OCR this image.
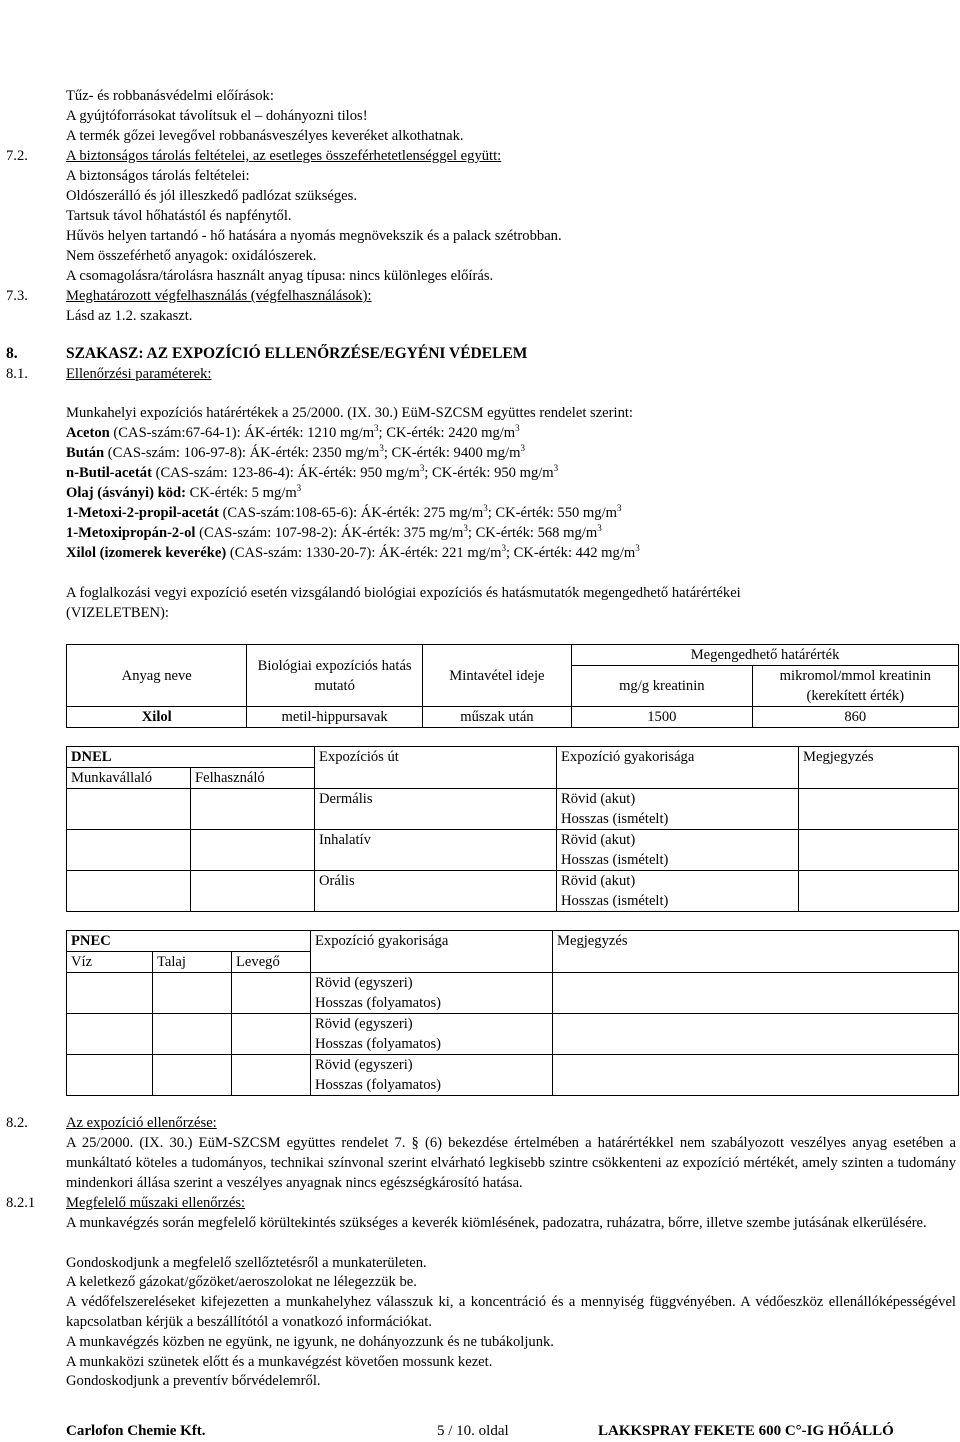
Elkészítés időpontja: 2013. június 5.
Felülvizsgálat időpontja: -
Verziószám: 1
http://www.biztonsagiadatlap.hu
Tűz- és robbanásvédelmi előírások:
A gyújtóforrásokat távolítsuk el – dohányozni tilos!
A termék gőzei levegővel robbanásveszélyes keveréket alkothatnak.
7.2.	A biztonságos tárolás feltételei, az esetleges összeférhetetlenséggel együtt:
A biztonságos tárolás feltételei:
Oldószerálló és jól illeszkedő padlózat szükséges.
Tartsuk távol hőhatástól és napfénytől.
Hűvös helyen tartandó - hő hatására a nyomás megnövekszik és a palack szétrobban.
Nem összeférhető anyagok: oxidálószerek.
A csomagolásra/tárolásra használt anyag típusa: nincs különleges előírás.
7.3.	Meghatározott végfelhasználás (végfelhasználások):
Lásd az 1.2. szakaszt.
8.	SZAKASZ: AZ EXPOZÍCIÓ ELLENŐRZÉSE/EGYÉNI VÉDELEM
8.1.	Ellenőrzési paraméterek:
Munkahelyi expozíciós határértékek a 25/2000. (IX. 30.) EüM-SZCSM együttes rendelet szerint:
Aceton (CAS-szám:67-64-1): ÁK-érték: 1210 $mg/m^3$; CK-érték: 2420 $mg/m^3$
Bután (CAS-szám: 106-97-8): ÁK-érték: 2350 $mg/m^3$; CK-érték: 9400 $mg/m^3$
n-Butil-acetát (CAS-szám: 123-86-4): ÁK-érték: 950 $mg/m^3$; CK-érték: 950 $mg/m^3$
Olaj (ásványi) köd: CK-érték: 5 $mg/m^3$
1-Metoxi-2-propil-acetát (CAS-szám:108-65-6): ÁK-érték: 275 $mg/m^3$; CK-érték: 550 $mg/m^3$
1-Metoxipropán-2-ol (CAS-szám: 107-98-2): ÁK-érték: 375 $mg/m^3$; CK-érték: 568 $mg/m^3$
Xilol (izomerek keveréke) (CAS-szám: 1330-20-7): ÁK-érték: 221 $mg/m^3$; CK-érték: 442 $mg/m^3$
A foglalkozási vegyi expozíció esetén vizsgálandó biológiai expozíciós és hatásmutatók megengedhető határértékei
(VIZELETBEN):
Anyag neve	Biológiai expozíciós hatás mutató	Mintavétel ideje	Megengedhető határérték	
			mg/g kreatinin	mikromol/mmol kreatinin (kerekített érték)
Xilol	metil-hippursavak	műszak után	1500	860
DNEL		Expozíciós út	Expozíció gyakorisága	Megjegyzés
Munkavállaló	Felhasználó			
		Dermális	Rövid (akut)
Hosszas (ismételt)	

		Inhalatív	Rövid (akut)
Hosszas (ismételt)	

		Orális	Rövid (akut)
Hosszas (ismételt)	

PNEC			Expozíció gyakorisága	Megjegyzés
Víz	Talaj	Levegő		

			Rövid (egyszeri)
Hosszas (folyamatos)	

			Rövid (egyszeri)
Hosszas (folyamatos)	

			Rövid (egyszeri)
Hosszas (folyamatos)	

8.2.	Az expozíció ellenőrzése:
A 25/2000. (IX. 30.) EüM-SZCSM együttes rendelet 7. § (6) bekezdése értelmében a határértékkel nem szabályozott veszélyes anyag esetében a munkáltató köteles a tudományos, technikai színvonal szerint elvárható legkisebb szintre csökkenteni az expozíció mértékét, amely szinten a tudomány mindenkori állása szerint a veszélyes anyagnak nincs egészségkárosító hatása.
8.2.1 Megfelelő műszaki ellenőrzés:
A munkavégzés során megfelelő körültekintés szükséges a keverék kiömlésének, padozatra, ruházatra, bőrre, illetve szembe jutásának elkerülésére.
Gondoskodjunk a megfelelő szellőztetésről a munkaterületen.
A keletkező gázokat/gőzöket/aeroszolokat ne lélegezzük be.
A védőfelszereléseket kifejezetten a munkahelyhez válasszuk ki, a koncentráció és a mennyiség függvényében. A védőeszköz ellenállóképességével kapcsolatban kérjük a beszállítótól a vonatkozó információkat.
A munkavégzés közben ne együnk, ne igyunk, ne dohányozzunk és ne tubákoljunk.
A munkaközi szünetek előtt és a munkavégzést követően mossunk kezet.
Gondoskodjunk a preventív bőrvédelemről.
Carlofon Chemie Kft.	5 / 10. oldal	LAKKSPRAY FEKETE 600 C°-IG HŐÁLLÓ
